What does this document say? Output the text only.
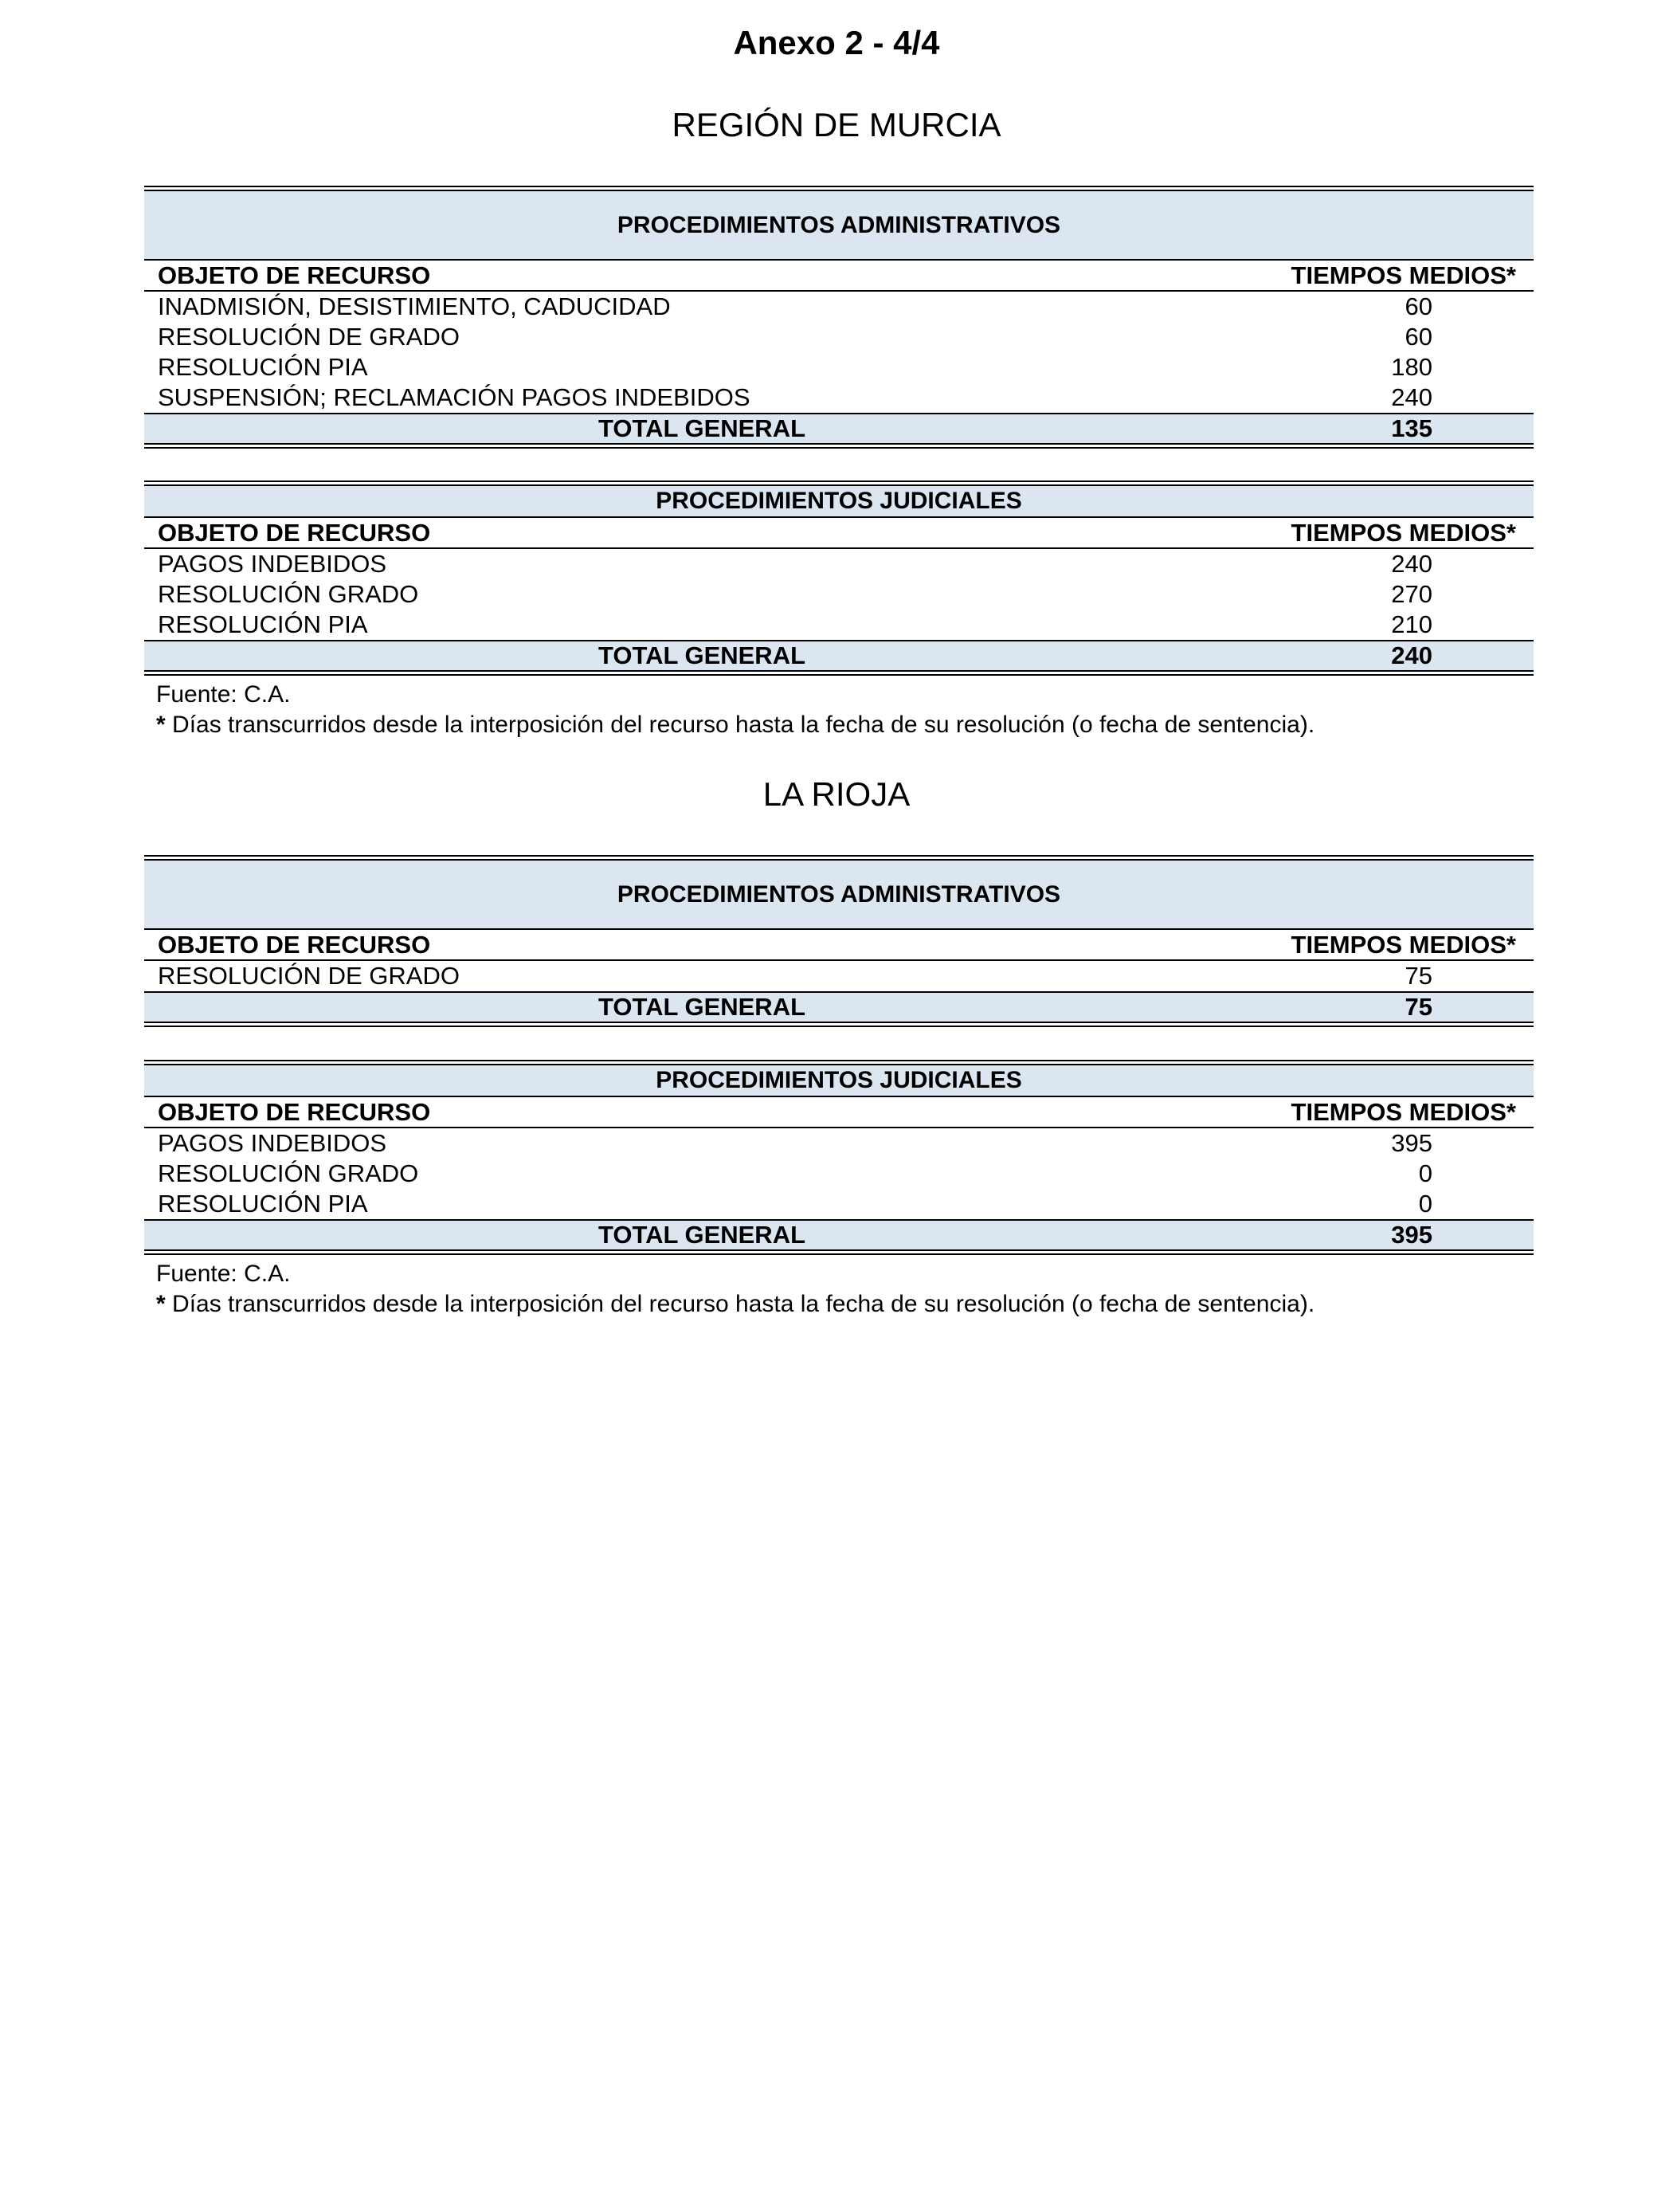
Anexo 2 - 4/4
REGIÓN DE MURCIA
PROCEDIMIENTOS ADMINISTRATIVOS
OBJETO DE RECURSO	TIEMPOS MEDIOS*
INADMISIÓN, DESISTIMIENTO, CADUCIDAD	60
RESOLUCIÓN DE GRADO	60
RESOLUCIÓN PIA	180
SUSPENSIÓN; RECLAMACIÓN PAGOS INDEBIDOS	240
TOTAL GENERAL	135
PROCEDIMIENTOS JUDICIALES
OBJETO DE RECURSO	TIEMPOS MEDIOS*
PAGOS INDEBIDOS	240
RESOLUCIÓN GRADO	270
RESOLUCIÓN PIA	210
TOTAL GENERAL	240
Fuente: C.A.
* Días transcurridos desde la interposición del recurso hasta la fecha de su resolución (o fecha de sentencia).
LA RIOJA
PROCEDIMIENTOS ADMINISTRATIVOS
OBJETO DE RECURSO	TIEMPOS MEDIOS*
RESOLUCIÓN DE GRADO	75
TOTAL GENERAL	75
PROCEDIMIENTOS JUDICIALES
OBJETO DE RECURSO	TIEMPOS MEDIOS*
PAGOS INDEBIDOS	395
RESOLUCIÓN GRADO	0
RESOLUCIÓN PIA	0
TOTAL GENERAL	395
Fuente: C.A.
* Días transcurridos desde la interposición del recurso hasta la fecha de su resolución (o fecha de sentencia).
